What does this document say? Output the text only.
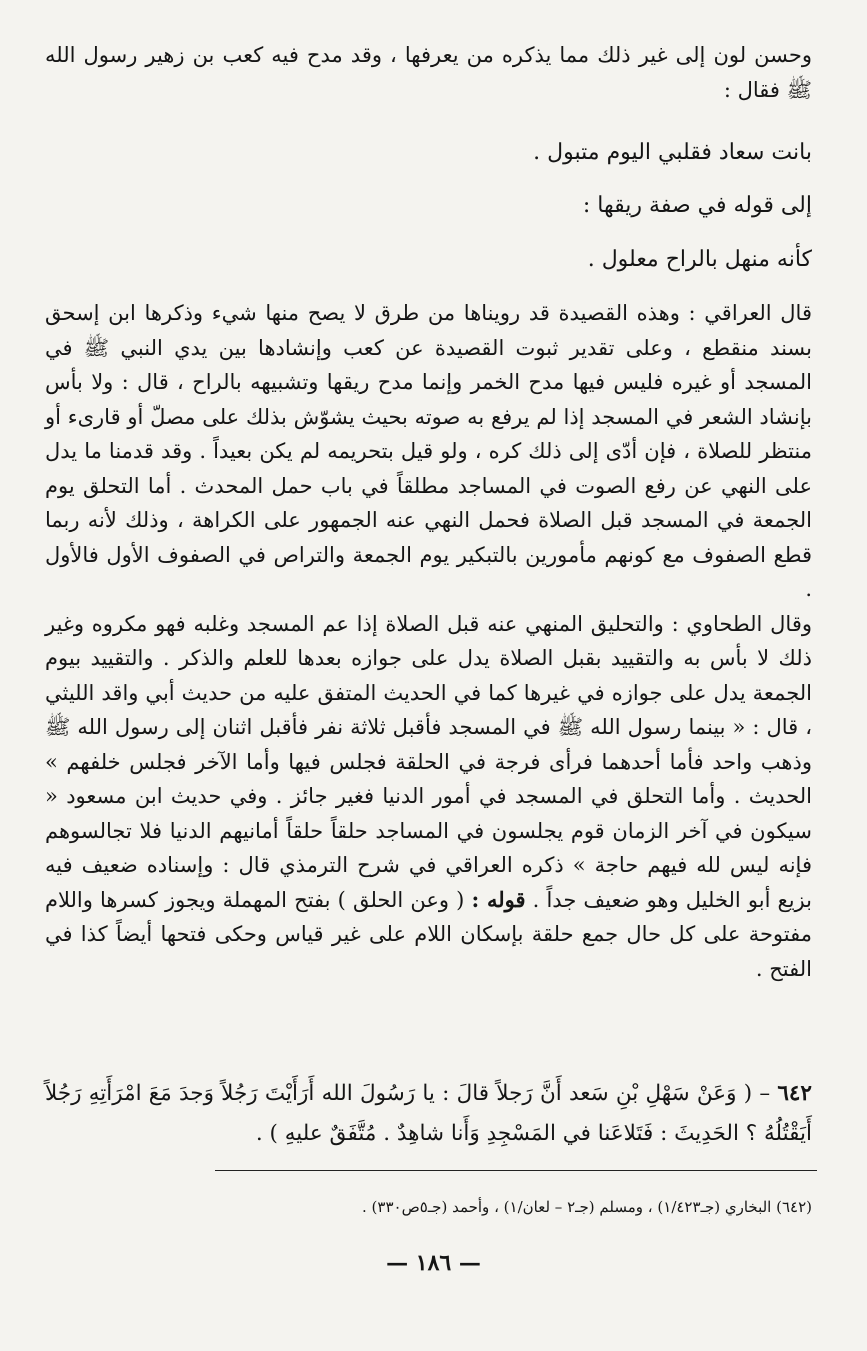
وحسن لون إلى غير ذلك مما يذكره من يعرفها ، وقد مدح فيه كعب بن زهير رسول الله ﷺ فقال :

بانت سعاد فقلبي اليوم متبول .

إلى قوله في صفة ريقها :

كأنه منهل بالراح معلول .

قال العراقي : وهذه القصيدة قد رويناها من طرق لا يصح منها شيء وذكرها ابن إسحق بسند منقطع ، وعلى تقدير ثبوت القصيدة عن كعب وإنشادها بين يدي النبي ﷺ في المسجد أو غيره فليس فيها مدح الخمر وإنما مدح ريقها وتشبيهه بالراح ، قال : ولا بأس بإنشاد الشعر في المسجد إذا لم يرفع به صوته بحيث يشوّش بذلك على مصلّ أو قارىء أو منتظر للصلاة ، فإن أدّى إلى ذلك كره ، ولو قيل بتحريمه لم يكن بعيداً . وقد قدمنا ما يدل على النهي عن رفع الصوت في المساجد مطلقاً في باب حمل المحدث . أما التحلق يوم الجمعة في المسجد قبل الصلاة فحمل النهي عنه الجمهور على الكراهة ، وذلك لأنه ربما قطع الصفوف مع كونهم مأمورين بالتبكير يوم الجمعة والتراص في الصفوف الأول فالأول .

وقال الطحاوي : والتحليق المنهي عنه قبل الصلاة إذا عم المسجد وغلبه فهو مكروه وغير ذلك لا بأس به والتقييد بقبل الصلاة يدل على جوازه بعدها للعلم والذكر . والتقييد بيوم الجمعة يدل على جوازه في غيرها كما في الحديث المتفق عليه من حديث أبي واقد الليثي ، قال : « بينما رسول الله ﷺ في المسجد فأقبل ثلاثة نفر فأقبل اثنان إلى رسول الله ﷺ وذهب واحد فأما أحدهما فرأى فرجة في الحلقة فجلس فيها وأما الآخر فجلس خلفهم » الحديث . وأما التحلق في المسجد في أمور الدنيا فغير جائز . وفي حديث ابن مسعود « سيكون في آخر الزمان قوم يجلسون في المساجد حلقاً حلقاً أمانيهم الدنيا فلا تجالسوهم فإنه ليس لله فيهم حاجة » ذكره العراقي في شرح الترمذي قال : وإسناده ضعيف فيه بزيع أبو الخليل وهو ضعيف جداً . قوله : ( وعن الحلق ) بفتح المهملة ويجوز كسرها واللام مفتوحة على كل حال جمع حلقة بإسكان اللام على غير قياس وحكى فتحها أيضاً كذا في الفتح .

٦٤٢ – ( وَعَنْ سَهْلِ بْنِ سَعد أَنَّ رَجلاً قالَ : يا رَسُولَ الله أَرَأَيْتَ رَجُلاً وَجدَ مَعَ امْرَأَتِهِ رَجُلاً أَيَقْتُلُهُ ؟ الحَدِيثَ : فَتَلاعَنا في المَسْجِدِ وَأَنا شاهِدٌ . مُتَّفَقٌ عليهِ ) .

(٦٤٢) البخاري (جـ١/٤٢٣) ، ومسلم (جـ٢ – لعان/١) ، وأحمد (جـ٥ص٣٣٠) .

— ١٨٦ —
